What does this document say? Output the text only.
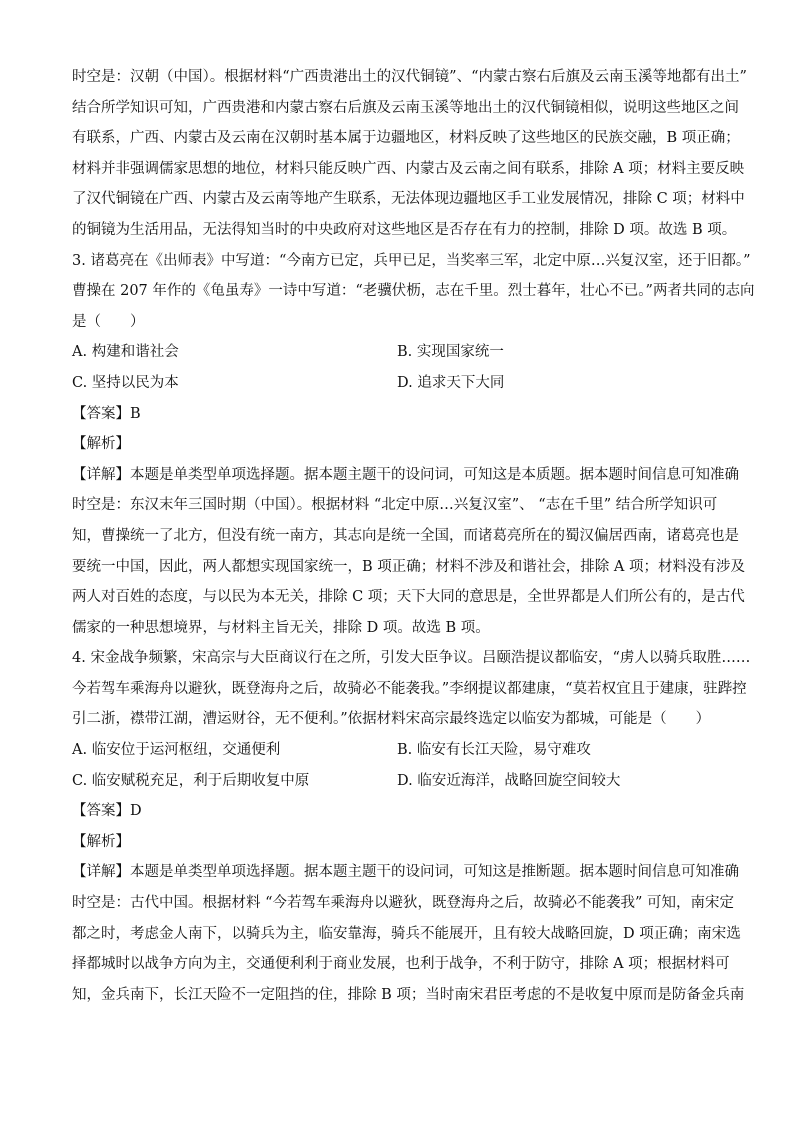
时空是：汉朝（中国）。根据材料“广西贵港出土的汉代铜镜”、“内蒙古察右后旗及云南玉溪等地都有出土”
结合所学知识可知，广西贵港和内蒙古察右后旗及云南玉溪等地出土的汉代铜镜相似，说明这些地区之间
有联系，广西、内蒙古及云南在汉朝时基本属于边疆地区，材料反映了这些地区的民族交融，B 项正确；
材料并非强调儒家思想的地位，材料只能反映广西、内蒙古及云南之间有联系，排除 A 项；材料主要反映
了汉代铜镜在广西、内蒙古及云南等地产生联系，无法体现边疆地区手工业发展情况，排除 C 项；材料中
的铜镜为生活用品，无法得知当时的中央政府对这些地区是否存在有力的控制，排除 D 项。故选 B 项。
3. 诸葛亮在《出师表》中写道：“今南方已定，兵甲已足，当奖率三军，北定中原…兴复汉室，还于旧都。”
曹操在 207 年作的《龟虽寿》一诗中写道：“老骥伏枥，志在千里。烈士暮年，壮心不已。”两者共同的志向
是（　　）
A. 构建和谐社会	B. 实现国家统一
C. 坚持以民为本	D. 追求天下大同
【答案】B
【解析】
【详解】本题是单类型单项选择题。据本题主题干的设问词，可知这是本质题。据本题时间信息可知准确
时空是：东汉末年三国时期（中国）。根据材料 “北定中原…兴复汉室”、 “志在千里” 结合所学知识可
知，曹操统一了北方，但没有统一南方，其志向是统一全国，而诸葛亮所在的蜀汉偏居西南，诸葛亮也是
要统一中国，因此，两人都想实现国家统一，B 项正确；材料不涉及和谐社会，排除 A 项；材料没有涉及
两人对百姓的态度，与以民为本无关，排除 C 项；天下大同的意思是，全世界都是人们所公有的，是古代
儒家的一种思想境界，与材料主旨无关，排除 D 项。故选 B 项。
4. 宋金战争频繁，宋高宗与大臣商议行在之所，引发大臣争议。吕颐浩提议都临安，“虏人以骑兵取胜……
今若驾车乘海舟以避狄，既登海舟之后，故骑必不能袭我。”李纲提议都建康，“莫若权宜且于建康，驻跸控
引二浙，襟带江湖，漕运财谷，无不便利。”依据材料宋高宗最终选定以临安为都城，可能是（　　）
A. 临安位于运河枢纽，交通便利	B. 临安有长江天险，易守难攻
C. 临安赋税充足，利于后期收复中原	D. 临安近海洋，战略回旋空间较大
【答案】D
【解析】
【详解】本题是单类型单项选择题。据本题主题干的设问词，可知这是推断题。据本题时间信息可知准确
时空是：古代中国。根据材料 “今若驾车乘海舟以避狄，既登海舟之后，故骑必不能袭我” 可知，南宋定
都之时，考虑金人南下，以骑兵为主，临安靠海，骑兵不能展开，且有较大战略回旋，D 项正确；南宋选
择都城时以战争方向为主，交通便利利于商业发展，也利于战争，不利于防守，排除 A 项；根据材料可
知，金兵南下，长江天险不一定阻挡的住，排除 B 项；当时南宋君臣考虑的不是收复中原而是防备金兵南
